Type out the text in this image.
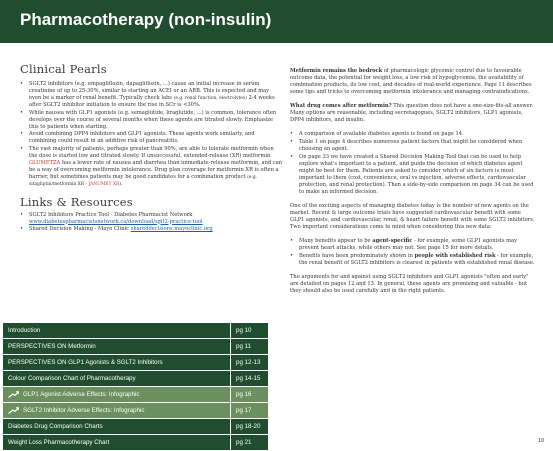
Pharmacotherapy (non-insulin)
Clinical Pearls
• SGLT2 inhibitors (e.g. empagliflozin, dapagliflozin, ...) cause an initial increase in serum creatinine of up to 25-30%, similar to starting an ACEI or an ARB. This is expected and may even be a marker of renal benefit. Typically check labs (e.g. renal function, electrolytes) 2-4 weeks after SGLT2 inhibitor initiation to ensure the rise in SCr is <30%.
• While nausea with GLP1 agonists (e.g. semaglutide, liraglutide, ...) is common, tolerance often develops over the course of several months when these agents are titrated slowly. Emphasize this to patients when starting.
• Avoid combining DPP4 inhibitors and GLP1 agonists. These agents work similarly, and combining could result in an additive risk of pancreatitis.
• The vast majority of patients, perhaps greater than 90%, are able to tolerate metformin when the dose is started low and titrated slowly. If unsuccessful, extended-release (XR) metformin GLUMETZA has a lower rate of nausea and diarrhea than immediate-release metformin, and can be a way of overcoming metformin intolerance. Drug plan coverage for metformin XR is often a barrier, but sometimes patients may be good candidates for a combination product (e.g. sitagliptin/metformin XR - JANUMET XR).
Links & Resources
• SGLT2 Inhibitors Practice Tool - Diabetes Pharmacist Network
www.diabetespharmacistsnetwork.ca/download/sglt2-practice-tool
• Shared Decision Making - Mayo Clinic shareddecisions.mayoclinic.org
Introduction	pg 10
PERSPECTIVES ON Metformin	pg 11
PERSPECTIVES ON GLP1 Agonists & SGLT2 Inhibitors	pg 12-13
Colour Comparison Chart of Pharmacotherapy	pg 14-15
GLP1 Agonist Adverse Effects: Infographic	pg 16
SGLT2 Inhibitor Adverse Effects: Infographic	pg 17
Diabetes Drug Comparison Charts	pg 18-20
Weight Loss Pharmacotherapy Chart	pg 21

Metformin remains the bedrock of pharmacologic glycemic control due to favourable outcome data, the potential for weight loss, a low risk of hypoglycemia, the availability of combination products, its low cost, and decades of real-world experience. Page 11 describes some tips and tricks to overcoming metformin intolerance and managing contraindications.

What drug comes after metformin? This question does not have a one-size-fits-all answer. Many options are reasonable, including secretagogues, SGLT2 inhibitors, GLP1 agonists, DPP4 inhibitors, and insulin.

• A comparison of available diabetes agents is found on page 14.
• Table 1 on page 4 describes numerous patient factors that might be considered when choosing an agent.
• On page 33 we have created a Shared Decision Making Tool that can be used to help explore what's important to a patient, and guide the decision of which diabetes agent might be best for them. Patients are asked to consider which of six factors is most important to them (cost, convenience, oral vs injection, adverse effects, cardiovascular protection, and renal protection). Then a side-by-side comparison on page 34 can be used to make an informed decision.

One of the exciting aspects of managing diabetes today is the number of new agents on the market. Recent & large outcome trials have suggested cardiovascular benefit with some GLP1 agonists, and cardiovascular, renal, & heart failure benefit with some SGLT2 inhibitors. Two important considerations come to mind when considering this new data:

• Many benefits appear to be agent-specific - for example, some GLP1 agonists may prevent heart attacks, while others may not. See page 15 for more details.
• Benefits have been predominately shown in people with established risk - for example, the renal benefit of SGLT2 inhibitors is clearest in patients with established renal disease.

The arguments for and against using SGLT2 inhibitors and GLP1 agonists "often and early" are detailed on pages 12 and 13. In general, these agents are promising and valuable - but they should also be used carefully and in the right patients.

10
